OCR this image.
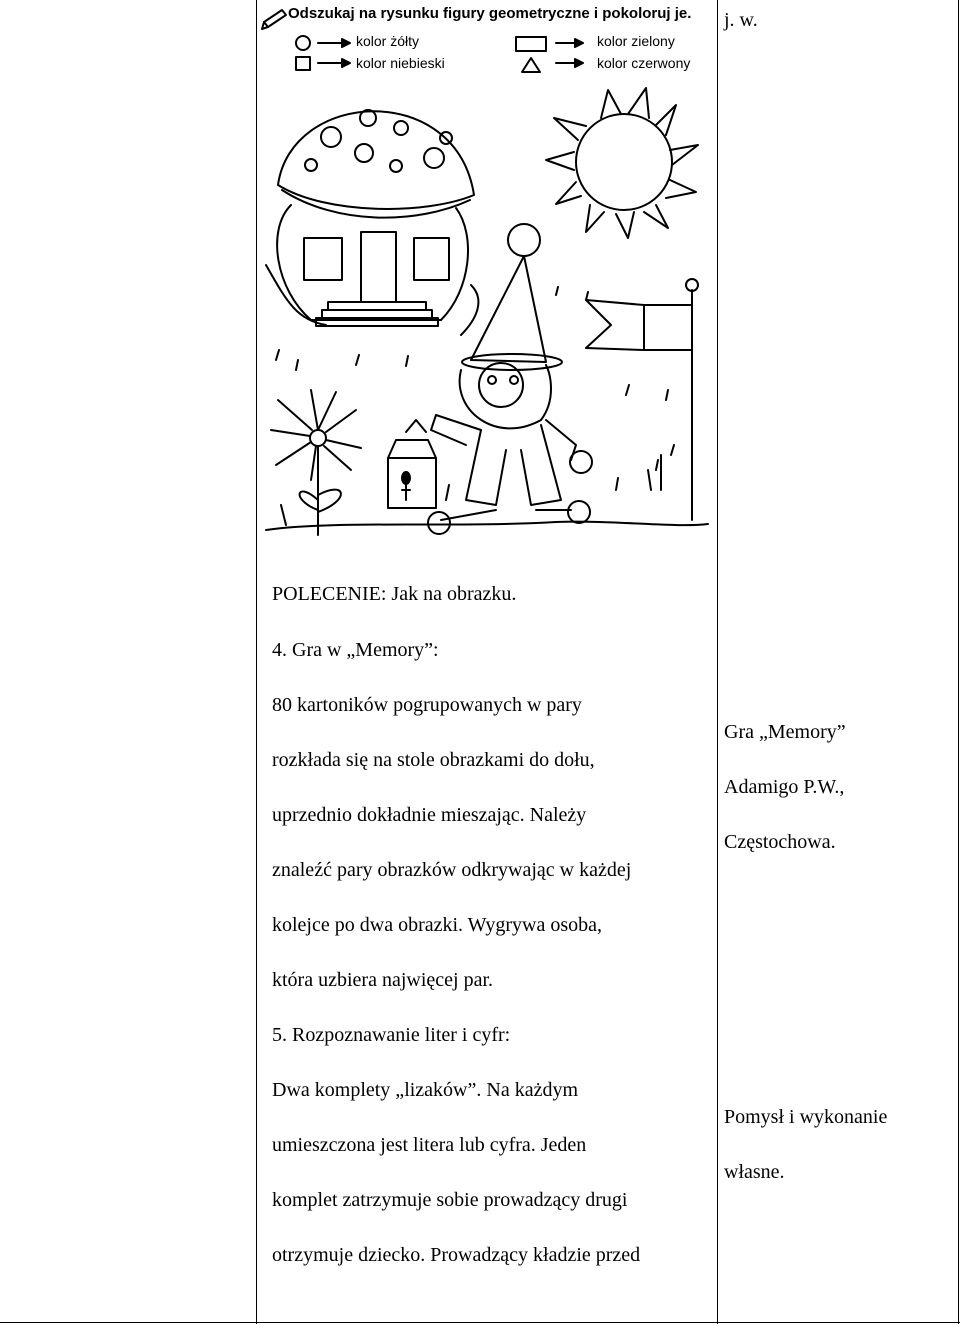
Odszukaj na rysunku figury geometryczne i pokoloruj je.
kolor żółty
kolor niebieski
kolor zielony
kolor czerwony
POLECENIE: Jak na obrazku.
4. Gra w „Memory”:
80 kartoników pogrupowanych w pary
rozkłada się na stole obrazkami do dołu,
uprzednio dokładnie mieszając. Należy
znaleźć pary obrazków odkrywając w każdej
kolejce po dwa obrazki. Wygrywa osoba,
która uzbiera najwięcej par.
5. Rozpoznawanie liter i cyfr:
Dwa komplety „lizaków”. Na każdym
umieszczona jest litera lub cyfra. Jeden
komplet zatrzymuje sobie prowadzący drugi
otrzymuje dziecko. Prowadzący kładzie przed
j. w.
Gra „Memory”
Adamigo P.W.,
Częstochowa.
Pomysł i wykonanie
własne.
